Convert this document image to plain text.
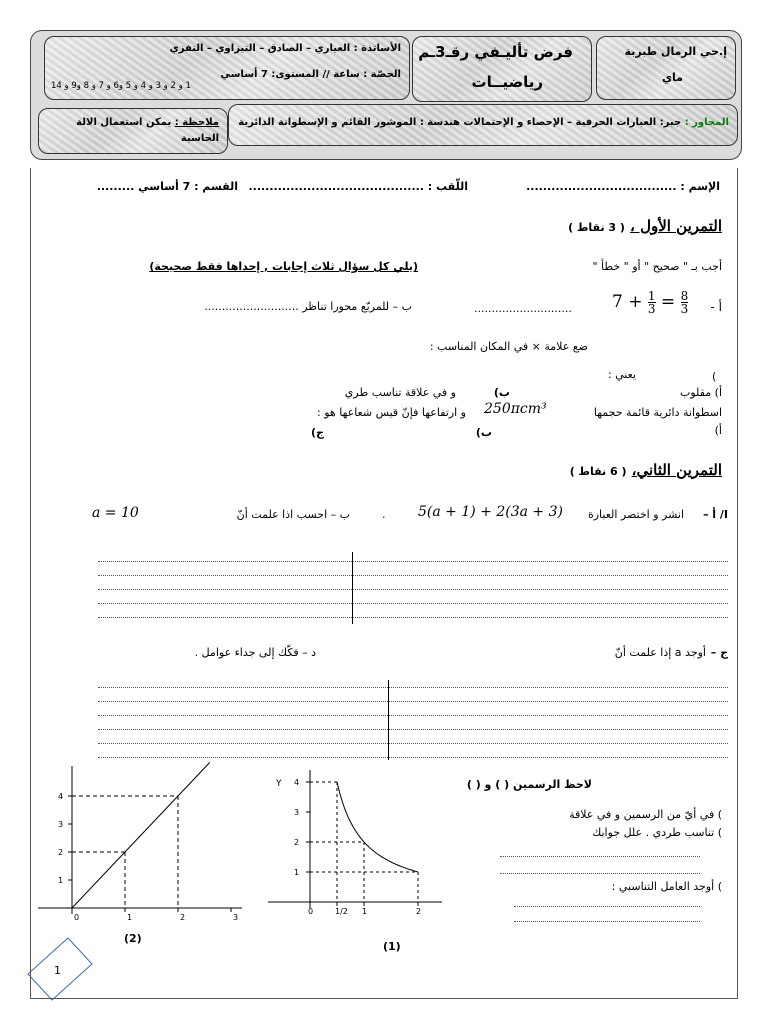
إ.حي الرمال طبربة
ماي
فرض تأليـفي رقـ3ـم
رياضيــات
الأساتذة : العياري – الصادق – التيزاوي – النفزي
الحصّة : ساعة // المستوى: 7 أساسي
1 و 2 و 3 و 4 و 5 و6 و 7 و 8 و9 و 14
المحاور : جبر: العبارات الحرفية – الإحصاء و الإحتمالات هندسة : الموشور القائم و الإسطوانة الدائرية
ملاحظة : يمكن استعمال الالة الحاسبة
الإسم : ....................................
اللّقب : ..........................................
القسم : 7 أساسي .........
التمرين الأول ، ( 3 نقاط )
أجب بـ " صحيح " أو " خطأ "
(يلي كل سؤال ثلاث إجابات , إحداها فقط صحيحة)
أ -
$7 + \frac{1}{3} = \frac{8}{3}$
............................
ب – للمربّع محورا تناظر ...........................
ضع علامة × في المكان المناسب :
(
يعني :
أ) مقلوب
ب)
و في علاقة تناسب طري
اسطوانة دائرية قائمة حجمها
250πcm³
و ارتفاعها فإنّ قيس شعاعها هو :
أ)
ب)
ج)
التمرين الثاني، ( 6 نقاط )
I/ أ –
انشر و اختصر العبارة
5(a + 1) + 2(3a + 3)
.
ب – احسب اذا علمت أنّ
a = 10
ج –
أوجد a إذا علمت أنّ
د – فكّك إلى جداء عوامل .
0	1	2	3
1
2
3
4
(2)
Y
0	1/2 1	2
1
2
3
4
(1)
لاحظ الرسمين ( ) و ( )
) في أيّ من الرسمين و في علاقة
) تناسب طردي . علل جوابك
) أوجد العامل التناسبي :
1
